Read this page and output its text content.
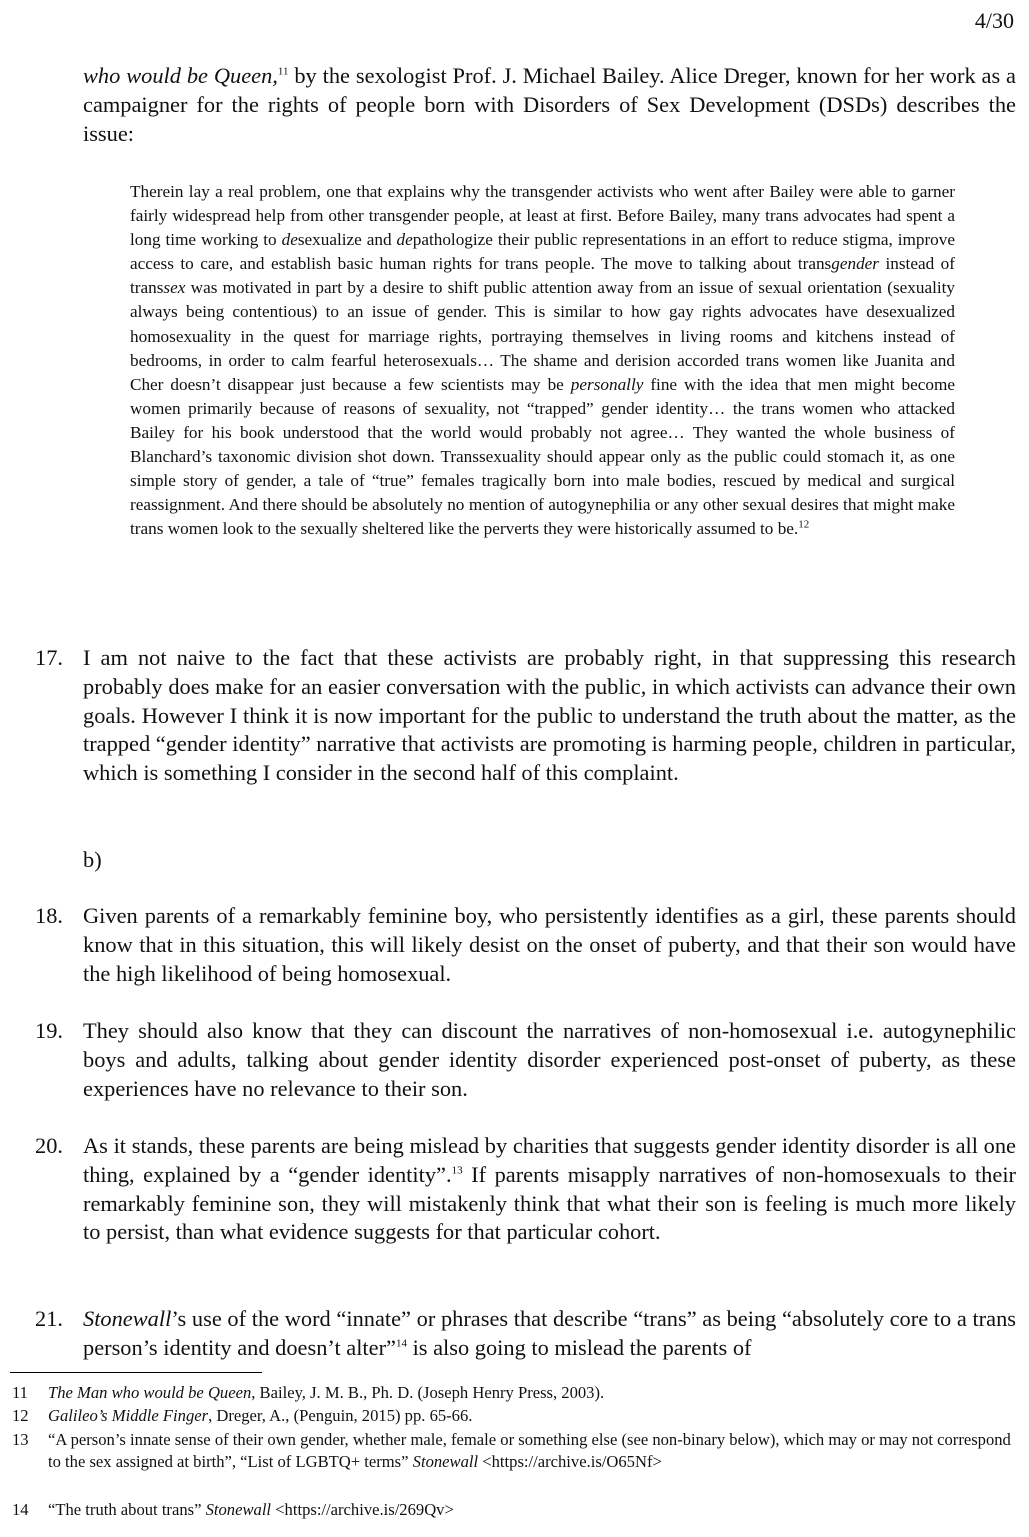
4/30
who would be Queen,$^{11}$ by the sexologist Prof. J. Michael Bailey. Alice Dreger, known for her work as a campaigner for the rights of people born with Disorders of Sex Development (DSDs) describes the issue:
Therein lay a real problem, one that explains why the transgender activists who went after Bailey were able to garner fairly widespread help from other transgender people, at least at first. Before Bailey, many trans advocates had spent a long time working to desexualize and depathologize their public representations in an effort to reduce stigma, improve access to care, and establish basic human rights for trans people. The move to talking about transgender instead of transsex was motivated in part by a desire to shift public attention away from an issue of sexual orientation (sexuality always being contentious) to an issue of gender. This is similar to how gay rights advocates have desexualized homosexuality in the quest for marriage rights, portraying themselves in living rooms and kitchens instead of bedrooms, in order to calm fearful heterosexuals… The shame and derision accorded trans women like Juanita and Cher doesn’t disappear just because a few scientists may be personally fine with the idea that men might become women primarily because of reasons of sexuality, not “trapped” gender identity… the trans women who attacked Bailey for his book understood that the world would probably not agree… They wanted the whole business of Blanchard’s taxonomic division shot down. Transsexuality should appear only as the public could stomach it, as one simple story of gender, a tale of “true” females tragically born into male bodies, rescued by medical and surgical reassignment. And there should be absolutely no mention of autogynephilia or any other sexual desires that might make trans women look to the sexually sheltered like the perverts they were historically assumed to be.$^{12}$
17. I am not naive to the fact that these activists are probably right, in that suppressing this research probably does make for an easier conversation with the public, in which activists can advance their own goals. However I think it is now important for the public to understand the truth about the matter, as the trapped “gender identity” narrative that activists are promoting is harming people, children in particular, which is something I consider in the second half of this complaint.
b)
18. Given parents of a remarkably feminine boy, who persistently identifies as a girl, these parents should know that in this situation, this will likely desist on the onset of puberty, and that their son would have the high likelihood of being homosexual.
19. They should also know that they can discount the narratives of non-homosexual i.e. autogynephilic boys and adults, talking about gender identity disorder experienced post-onset of puberty, as these experiences have no relevance to their son.
20. As it stands, these parents are being mislead by charities that suggests gender identity disorder is all one thing, explained by a “gender identity”.$^{13}$ If parents misapply narratives of non-homosexuals to their remarkably feminine son, they will mistakenly think that what their son is feeling is much more likely to persist, than what evidence suggests for that particular cohort.
21. Stonewall’s use of the word “innate” or phrases that describe “trans” as being “absolutely core to a trans person’s identity and doesn’t alter”$^{14}$ is also going to mislead the parents of
11 The Man who would be Queen, Bailey, J. M. B., Ph. D. (Joseph Henry Press, 2003).
12 Galileo’s Middle Finger, Dreger, A., (Penguin, 2015) pp. 65-66.
13 “A person’s innate sense of their own gender, whether male, female or something else (see non-binary below), which may or may not correspond to the sex assigned at birth”, “List of LGBTQ+ terms” Stonewall <https://archive.is/O65Nf>
14 “The truth about trans” Stonewall <https://archive.is/269Qv>
